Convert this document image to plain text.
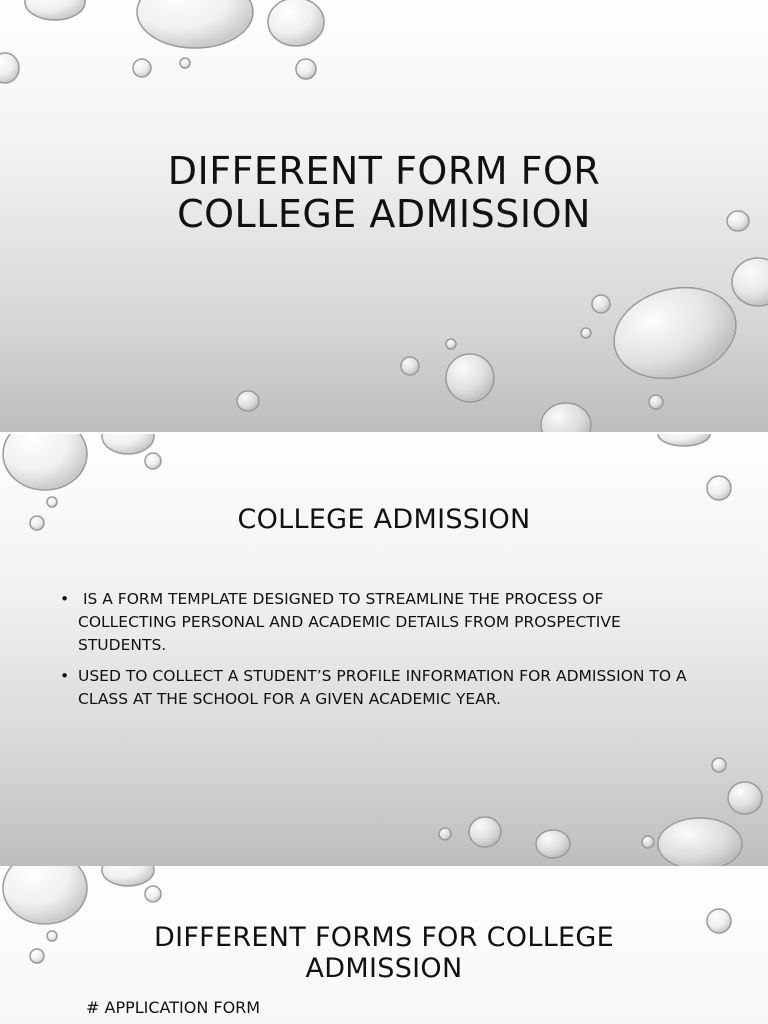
DIFFERENT FORM FOR
COLLEGE ADMISSION
COLLEGE ADMISSION
• IS A FORM TEMPLATE DESIGNED TO STREAMLINE THE PROCESS OF COLLECTING PERSONAL AND ACADEMIC DETAILS FROM PROSPECTIVE STUDENTS.
• USED TO COLLECT A STUDENT’S PROFILE INFORMATION FOR ADMISSION TO A CLASS AT THE SCHOOL FOR A GIVEN ACADEMIC YEAR.
DIFFERENT FORMS FOR COLLEGE
ADMISSION
# APPLICATION FORM
